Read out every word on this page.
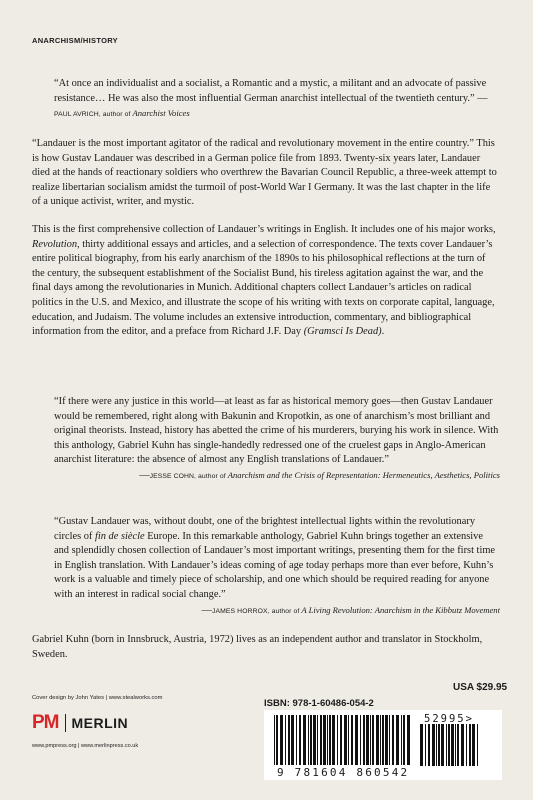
ANARCHISM/HISTORY

“At once an individualist and a socialist, a Romantic and a mystic, a militant and an advocate of passive resistance… He was also the most influential German anarchist intellectual of the twentieth century.” —PAUL AVRICH, author of Anarchist Voices

“Landauer is the most important agitator of the radical and revolutionary movement in the entire country.” This is how Gustav Landauer was described in a German police file from 1893. Twenty-six years later, Landauer died at the hands of reactionary soldiers who overthrew the Bavarian Council Republic, a three-week attempt to realize libertarian socialism amidst the turmoil of post-World War I Germany. It was the last chapter in the life of a unique activist, writer, and mystic.

This is the first comprehensive collection of Landauer’s writings in English. It includes one of his major works, Revolution, thirty additional essays and articles, and a selection of correspondence. The texts cover Landauer’s entire political biography, from his early anarchism of the 1890s to his philosophical reflections at the turn of the century, the subsequent establishment of the Socialist Bund, his tireless agitation against the war, and the final days among the revolutionaries in Munich. Additional chapters collect Landauer’s articles on radical politics in the U.S. and Mexico, and illustrate the scope of his writing with texts on corporate capital, language, education, and Judaism. The volume includes an extensive introduction, commentary, and bibliographical information from the editor, and a preface from Richard J.F. Day (Gramsci Is Dead).

“If there were any justice in this world—at least as far as historical memory goes—then Gustav Landauer would be remembered, right along with Bakunin and Kropotkin, as one of anarchism’s most brilliant and original theorists. Instead, history has abetted the crime of his murderers, burying his work in silence. With this anthology, Gabriel Kuhn has single-handedly redressed one of the cruelest gaps in Anglo-American anarchist literature: the absence of almost any English translations of Landauer.”

—JESSE COHN, author of Anarchism and the Crisis of Representation: Hermeneutics, Aesthetics, Politics

“Gustav Landauer was, without doubt, one of the brightest intellectual lights within the revolutionary circles of fin de siècle Europe. In this remarkable anthology, Gabriel Kuhn brings together an extensive and splendidly chosen collection of Landauer’s most important writings, presenting them for the first time in English translation. With Landauer’s ideas coming of age today perhaps more than ever before, Kuhn’s work is a valuable and timely piece of scholarship, and one which should be required reading for anyone with an interest in radical social change.”

—JAMES HORROX, author of A Living Revolution: Anarchism in the Kibbutz Movement

Gabriel Kuhn (born in Innsbruck, Austria, 1972) lives as an independent author and translator in Stockholm, Sweden.

Cover design by John Yates | www.stealworks.com
PM MERLIN
www.pmpress.org | www.merlinpress.co.uk
USA $29.95
ISBN: 978-1-60486-054-2
52995>
9 781604 860542
